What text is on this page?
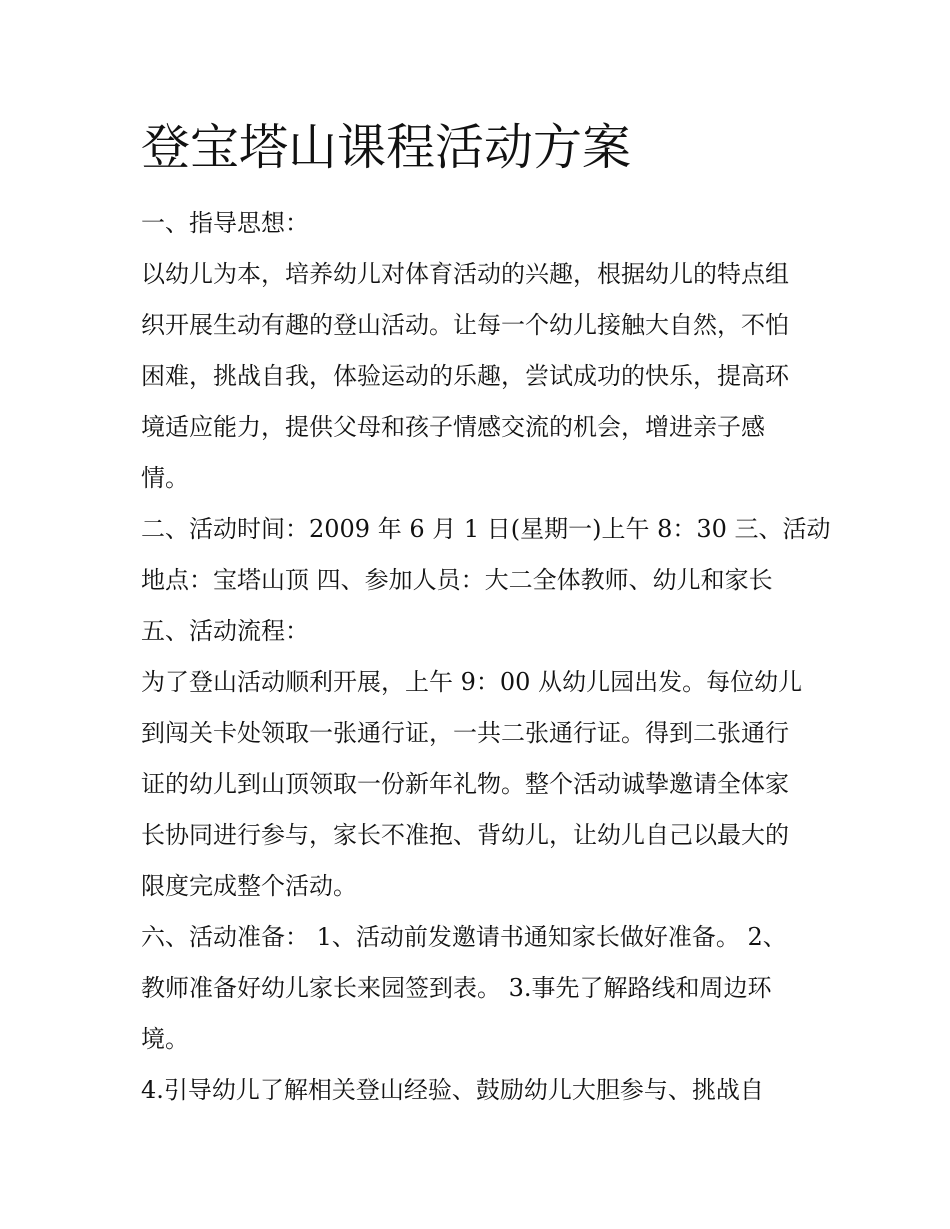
登宝塔山课程活动方案
一、指导思想：
以幼儿为本，培养幼儿对体育活动的兴趣，根据幼儿的特点组
织开展生动有趣的登山活动。让每一个幼儿接触大自然，不怕
困难，挑战自我，体验运动的乐趣，尝试成功的快乐，提高环
境适应能力，提供父母和孩子情感交流的机会，增进亲子感
情。
二、活动时间：2009 年 6 月 1 日(星期一)上午 8：30 三、活动
地点：宝塔山顶 四、参加人员：大二全体教师、幼儿和家长
五、活动流程：
为了登山活动顺利开展，上午 9：00 从幼儿园出发。每位幼儿
到闯关卡处领取一张通行证，一共二张通行证。得到二张通行
证的幼儿到山顶领取一份新年礼物。整个活动诚挚邀请全体家
长协同进行参与，家长不准抱、背幼儿，让幼儿自己以最大的
限度完成整个活动。
六、活动准备： 1、活动前发邀请书通知家长做好准备。 2、
教师准备好幼儿家长来园签到表。 3.事先了解路线和周边环
境。
4.引导幼儿了解相关登山经验、鼓励幼儿大胆参与、挑战自
